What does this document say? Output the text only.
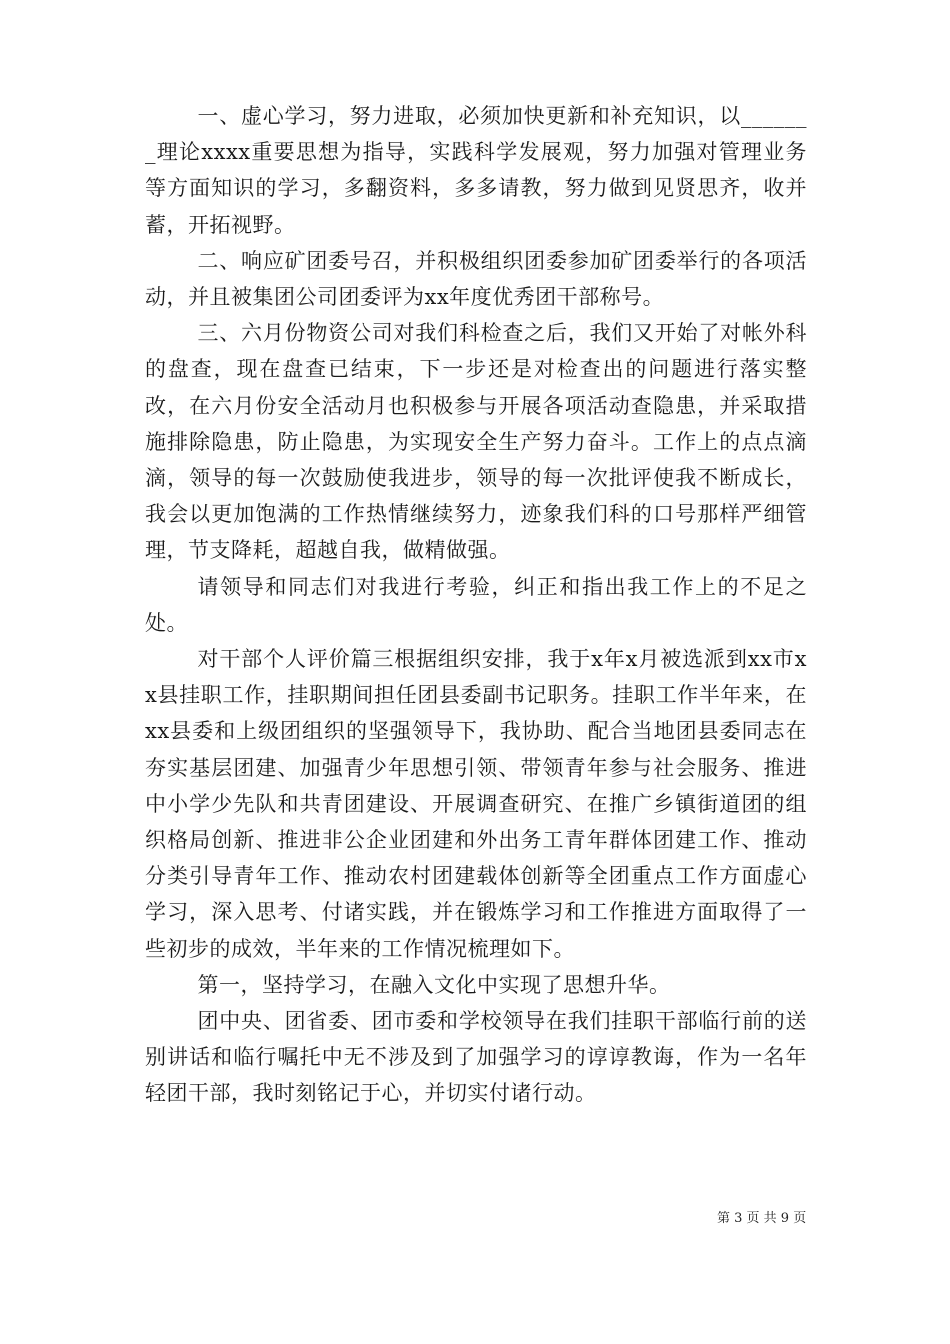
一、虚心学习，努力进取，必须加快更新和补充知识，以_______理论xxxx重要思想为指导，实践科学发展观，努力加强对管理业务等方面知识的学习，多翻资料，多多请教，努力做到见贤思齐，收并蓄，开拓视野。

二、响应矿团委号召，并积极组织团委参加矿团委举行的各项活动，并且被集团公司团委评为xx年度优秀团干部称号。

三、六月份物资公司对我们科检查之后，我们又开始了对帐外科的盘查，现在盘查已结束，下一步还是对检查出的问题进行落实整改，在六月份安全活动月也积极参与开展各项活动查隐患，并采取措施排除隐患，防止隐患，为实现安全生产努力奋斗。工作上的点点滴滴，领导的每一次鼓励使我进步，领导的每一次批评使我不断成长，我会以更加饱满的工作热情继续努力，迹象我们科的口号那样严细管理，节支降耗，超越自我，做精做强。

请领导和同志们对我进行考验，纠正和指出我工作上的不足之处。

对干部个人评价篇三根据组织安排，我于x年x月被选派到xx市xx县挂职工作，挂职期间担任团县委副书记职务。挂职工作半年来，在xx县委和上级团组织的坚强领导下，我协助、配合当地团县委同志在夯实基层团建、加强青少年思想引领、带领青年参与社会服务、推进中小学少先队和共青团建设、开展调查研究、在推广乡镇街道团的组织格局创新、推进非公企业团建和外出务工青年群体团建工作、推动分类引导青年工作、推动农村团建载体创新等全团重点工作方面虚心学习，深入思考、付诸实践，并在锻炼学习和工作推进方面取得了一些初步的成效，半年来的工作情况梳理如下。

第一，坚持学习，在融入文化中实现了思想升华。

团中央、团省委、团市委和学校领导在我们挂职干部临行前的送别讲话和临行嘱托中无不涉及到了加强学习的谆谆教诲，作为一名年轻团干部，我时刻铭记于心，并切实付诸行动。

第 3 页 共 9 页
